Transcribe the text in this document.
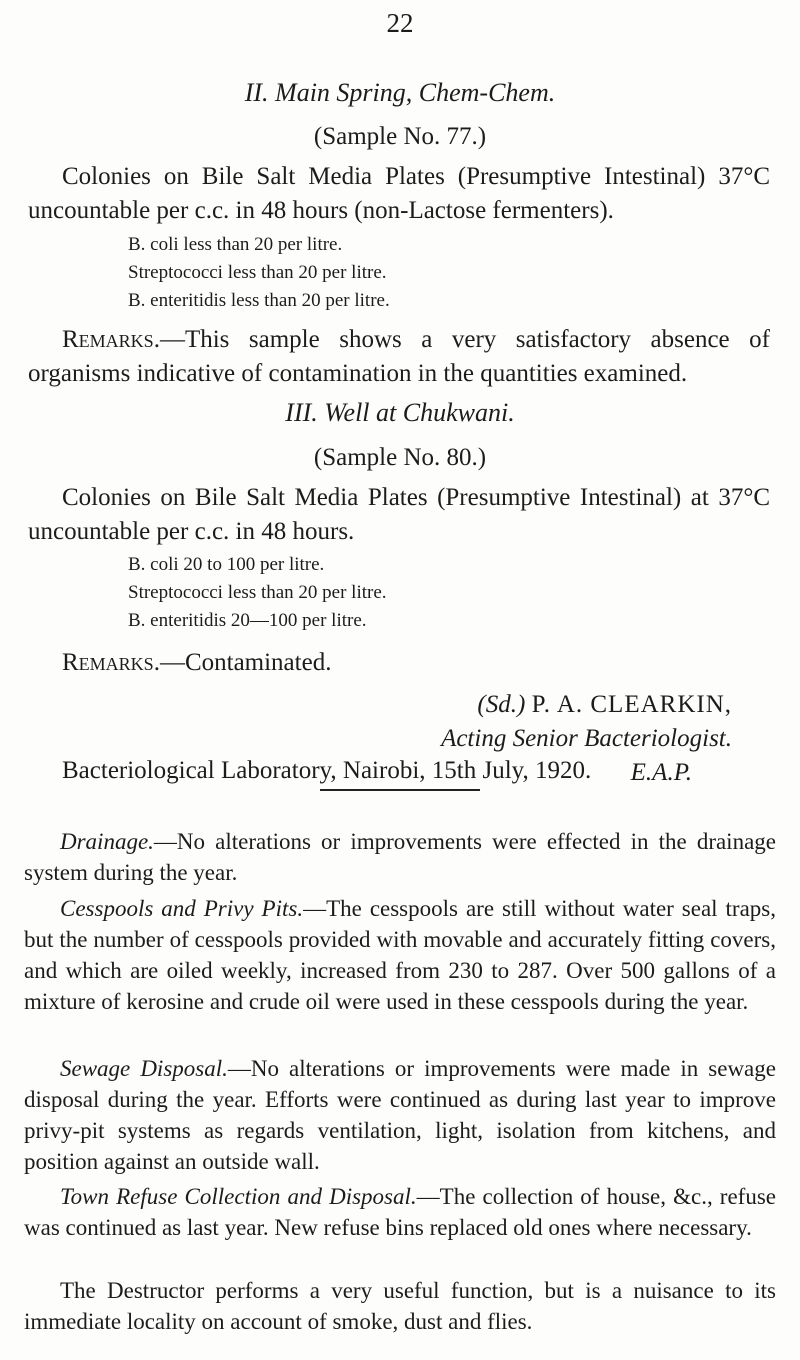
22
II. Main Spring, Chem-Chem.
(Sample No. 77.)

Colonies on Bile Salt Media Plates (Presumptive Intestinal) 37°C uncountable per c.c. in 48 hours (non-Lactose fermenters).

B. coli less than 20 per litre.
Streptococci less than 20 per litre.
B. enteritidis less than 20 per litre.

Remarks.—This sample shows a very satisfactory absence of organisms indicative of contamination in the quantities examined.

III. Well at Chukwani.
(Sample No. 80.)

Colonies on Bile Salt Media Plates (Presumptive Intestinal) at 37°C uncountable per c.c. in 48 hours.

B. coli 20 to 100 per litre.
Streptococci less than 20 per litre.
B. enteritidis 20—100 per litre.

Remarks.—Contaminated.

(Sd.) P. A. CLEARKIN,
Acting Senior Bacteriologist.
E.A.P.
Bacteriological Laboratory, Nairobi, 15th July, 1920.

Drainage.—No alterations or improvements were effected in the drainage system during the year.

Cesspools and Privy Pits.—The cesspools are still without water seal traps, but the number of cesspools provided with movable and accurately fitting covers, and which are oiled weekly, increased from 230 to 287. Over 500 gallons of a mixture of kerosine and crude oil were used in these cesspools during the year.

Sewage Disposal.—No alterations or improvements were made in sewage disposal during the year. Efforts were continued as during last year to improve privy-pit systems as regards ventilation, light, isolation from kitchens, and position against an outside wall.

Town Refuse Collection and Disposal.—The collection of house, &c., refuse was continued as last year. New refuse bins replaced old ones where necessary.

The Destructor performs a very useful function, but is a nuisance to its immediate locality on account of smoke, dust and flies.
